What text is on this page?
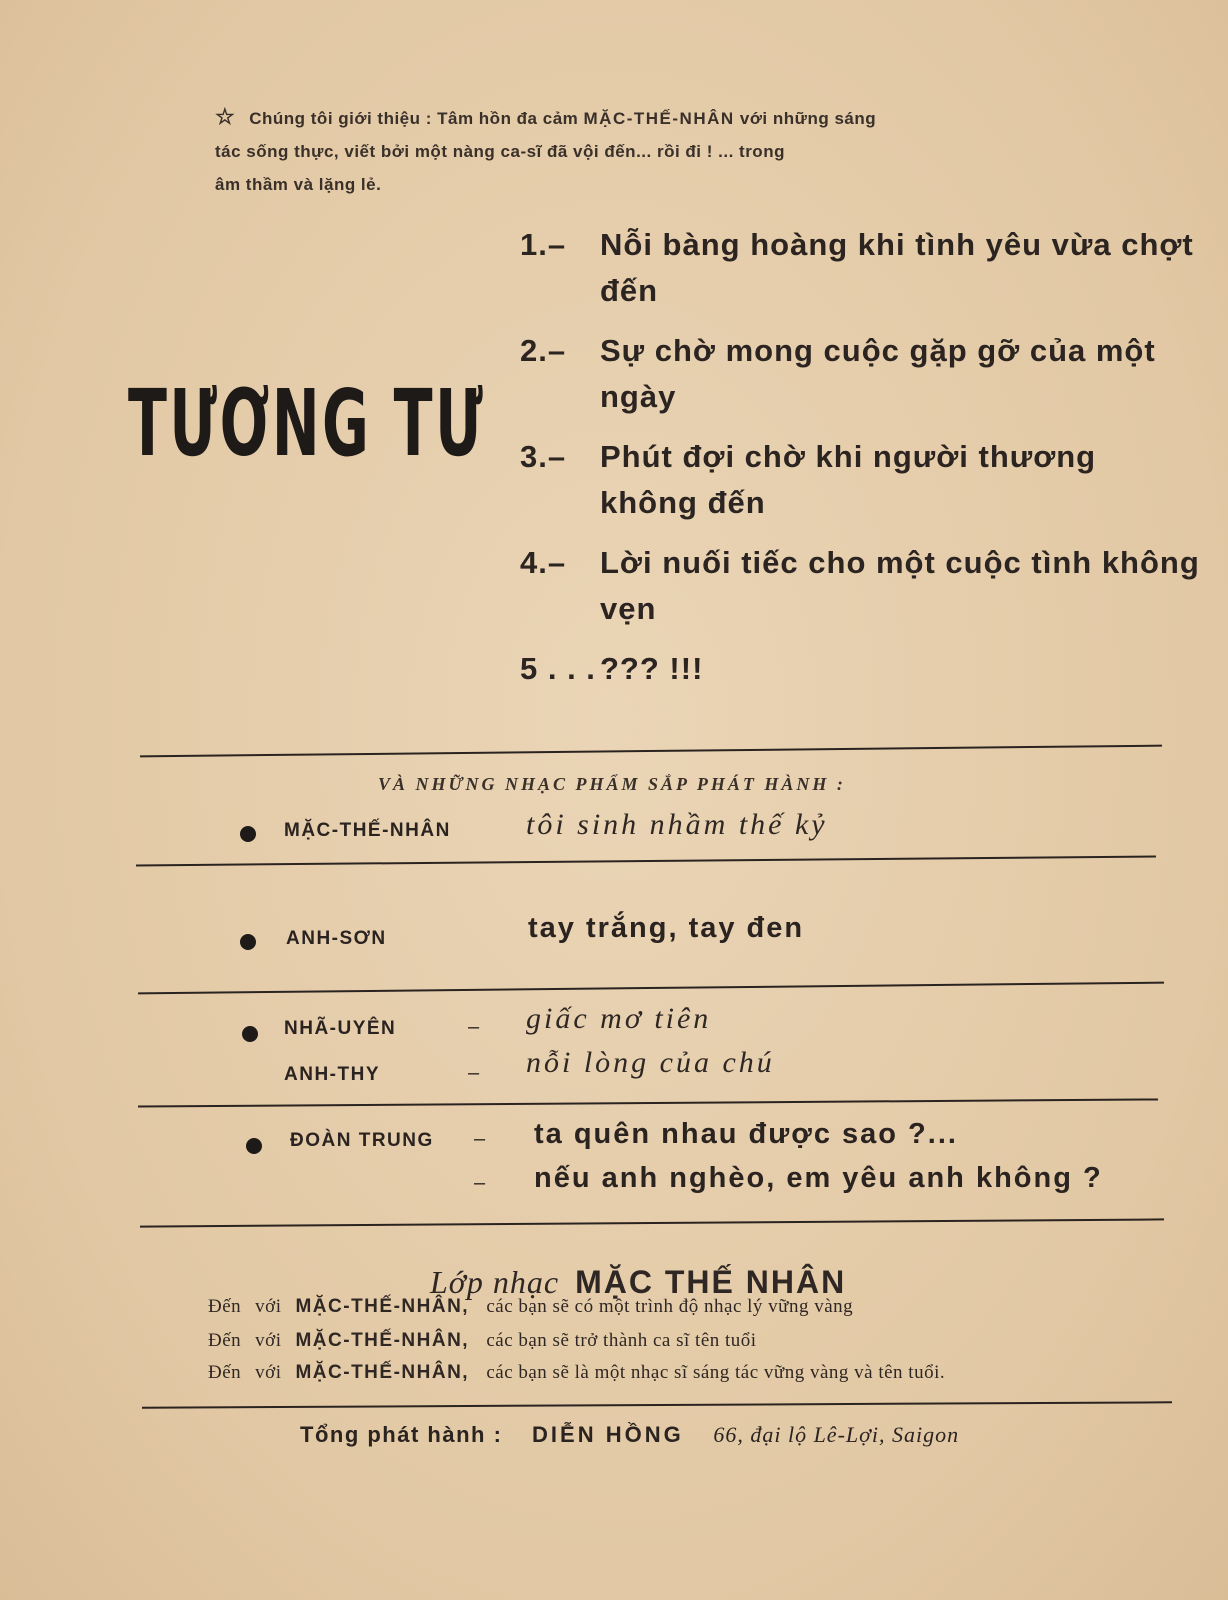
☆ Chúng tôi giới thiệu : Tâm hồn đa cảm MẶC-THẾ-NHÂN với những sáng
tác sống thực, viết bởi một nàng ca-sĩ đã vội đến... rồi đi ! ... trong
âm thầm và lặng lẻ.
TƯƠNG TƯ
1.–	Nỗi bàng hoàng khi tình yêu vừa chợt đến
2.–	Sự chờ mong cuộc gặp gỡ của một ngày
3.–	Phút đợi chờ khi người thương không đến
4.–	Lời nuối tiếc cho một cuộc tình không vẹn
5 . . . ??? !!!
VÀ NHỮNG NHẠC PHẨM SẮP PHÁT HÀNH :
MẶC-THẾ-NHÂN	tôi sinh nhầm thế kỷ
ANH-SƠN	tay trắng, tay đen
NHÃ-UYÊN	– giấc mơ tiên
ANH-THY	– nỗi lòng của chú
ĐOÀN TRUNG – ta quên nhau được sao ?...
– nếu anh nghèo, em yêu anh không ?
Lớp nhạc MẶC THẾ NHÂN
Đến với MẶC-THẾ-NHÂN, các bạn sẽ có một trình độ nhạc lý vững vàng
Đến với MẶC-THẾ-NHÂN, các bạn sẽ trở thành ca sĩ tên tuổi
Đến với MẶC-THẾ-NHÂN, các bạn sẽ là một nhạc sĩ sáng tác vững vàng và tên tuổi.
Tổng phát hành : DIỄN HỒNG 66, đại lộ Lê-Lợi, Saigon
